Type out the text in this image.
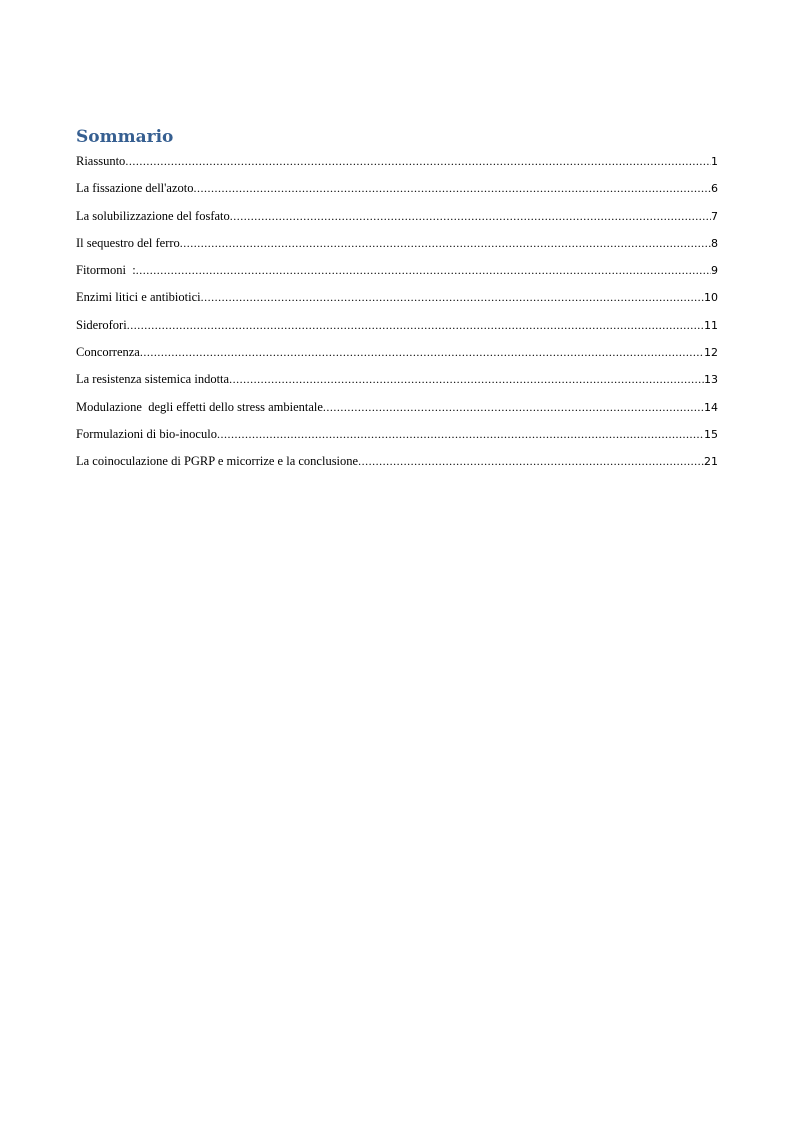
Sommario
Riassunto .....	1
La fissazione dell'azoto .....	6
La solubilizzazione del fosfato .....	7
Il sequestro del ferro .....	8
Fitormoni  : .....	9
Enzimi litici e antibiotici .....	10
Siderofori .....	11
Concorrenza .....	12
La resistenza sistemica indotta .....	13
Modulazione  degli effetti dello stress ambientale .....	14
Formulazioni di bio-inoculo .....	15
La coinoculazione di PGRP e micorrize e la conclusione .....	21
